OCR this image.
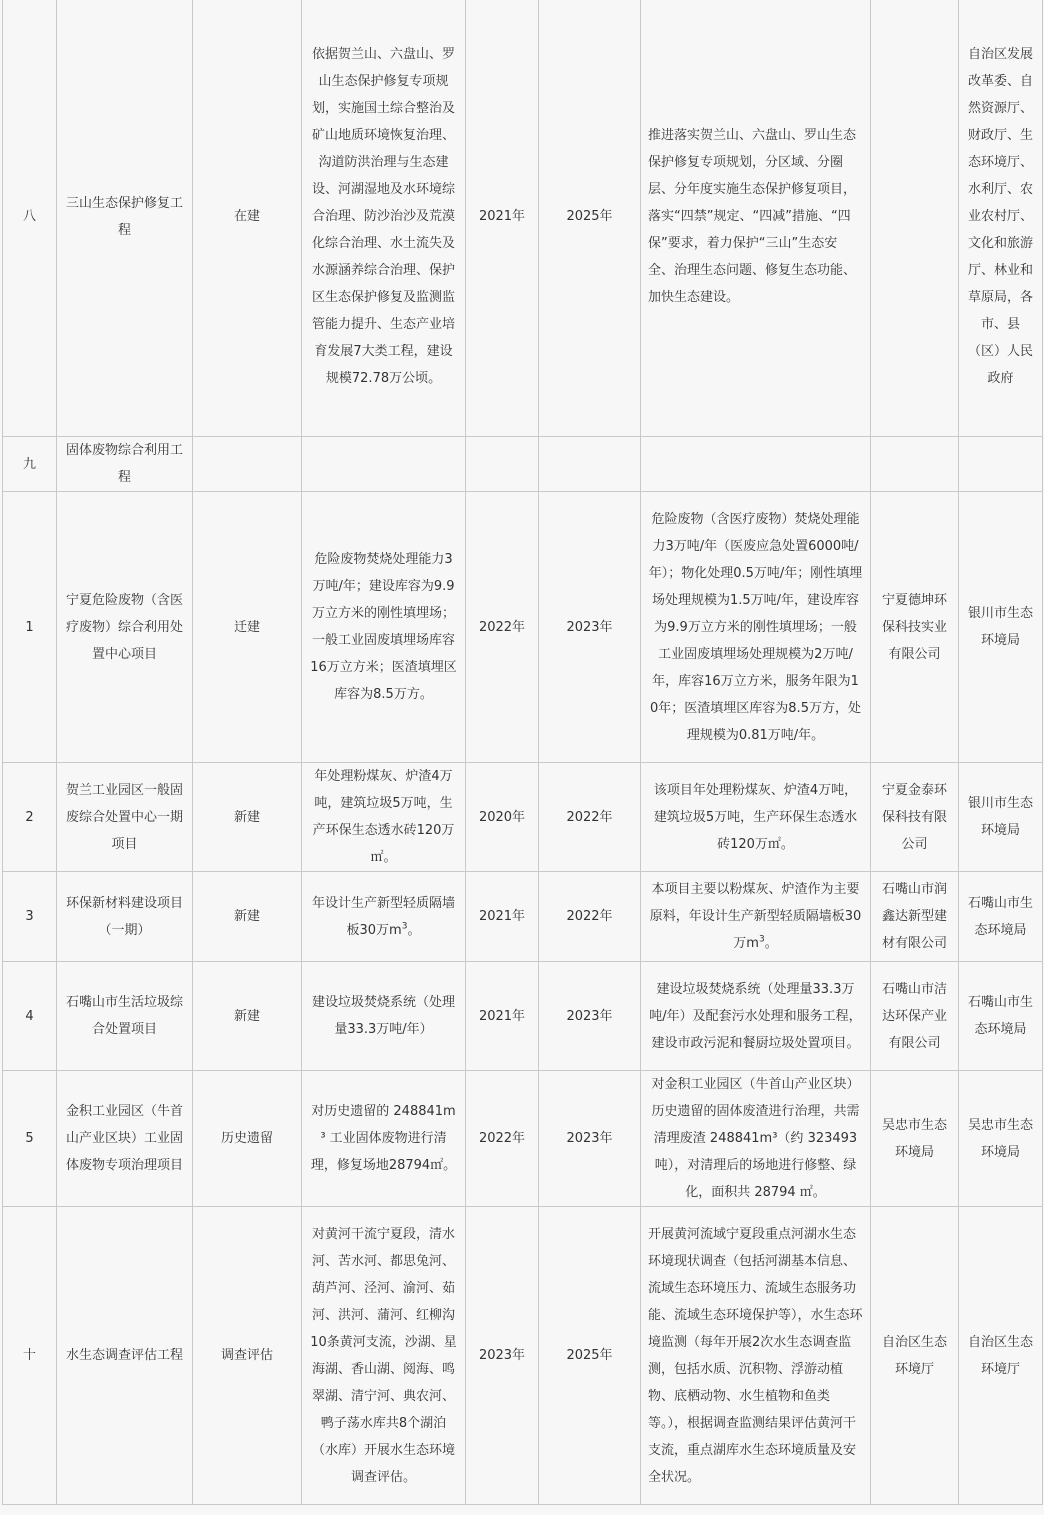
八	三山生态保护修复工程	在建	依据贺兰山、六盘山、罗山生态保护修复专项规划，实施国土综合整治及矿山地质环境恢复治理、沟道防洪治理与生态建设、河湖湿地及水环境综合治理、防沙治沙及荒漠化综合治理、水土流失及水源涵养综合治理、保护区生态保护修复及监测监管能力提升、生态产业培育发展7大类工程，建设规模72.78万公顷。	2021年	2025年	推进落实贺兰山、六盘山、罗山生态保护修复专项规划，分区域、分圈层、分年度实施生态保护修复项目，落实“四禁”规定、“四减”措施、“四保”要求，着力保护“三山”生态安全、治理生态问题、修复生态功能、加快生态建设。		自治区发展改革委、自然资源厅、财政厅、生态环境厅、水利厅、农业农村厅、文化和旅游厅、林业和草原局，各市、县（区）人民政府
九	固体废物综合利用工程							
1	宁夏危险废物（含医疗废物）综合利用处置中心项目	迁建	危险废物焚烧处理能力3万吨/年；建设库容为9.9万立方米的刚性填埋场；一般工业固废填埋场库容16万立方米；医渣填埋区库容为8.5万方。	2022年	2023年	危险废物（含医疗废物）焚烧处理能力3万吨/年（医废应急处置6000吨/年）；物化处理0.5万吨/年；刚性填埋场处理规模为1.5万吨/年，建设库容为9.9万立方米的刚性填埋场；一般工业固废填埋场处理规模为2万吨/年，库容16万立方米，服务年限为10年；医渣填埋区库容为8.5万方，处理规模为0.81万吨/年。	宁夏德坤环保科技实业有限公司	银川市生态环境局
2	贺兰工业园区一般固废综合处置中心一期项目	新建	年处理粉煤灰、炉渣4万吨，建筑垃圾5万吨，生产环保生态透水砖120万㎡。	2020年	2022年	该项目年处理粉煤灰、炉渣4万吨，建筑垃圾5万吨，生产环保生态透水砖120万㎡。	宁夏金泰环保科技有限公司	银川市生态环境局
3	环保新材料建设项目（一期）	新建	年设计生产新型轻质隔墙板30万$m^3$。	2021年	2022年	本项目主要以粉煤灰、炉渣作为主要原料，年设计生产新型轻质隔墙板30万$m^3$。	石嘴山市润鑫达新型建材有限公司	石嘴山市生态环境局
4	石嘴山市生活垃圾综合处置项目	新建	建设垃圾焚烧系统（处理量33.3万吨/年）	2021年	2023年	建设垃圾焚烧系统（处理量33.3万吨/年）及配套污水处理和服务工程，建设市政污泥和餐厨垃圾处置项目。	石嘴山市洁达环保产业有限公司	石嘴山市生态环境局
5	金积工业园区（牛首山产业区块）工业固体废物专项治理项目	历史遗留	对历史遗留的 248841m³ 工业固体废物进行清理，修复场地28794㎡。	2022年	2023年	对金积工业园区（牛首山产业区块）历史遗留的固体废渣进行治理，共需清理废渣 248841m³（约 323493 吨），对清理后的场地进行修整、绿化，面积共 28794 ㎡。	吴忠市生态环境局	吴忠市生态环境局
十	水生态调查评估工程	调查评估	对黄河干流宁夏段，清水河、苦水河、都思兔河、葫芦河、泾河、渝河、茹河、洪河、蒲河、红柳沟10条黄河支流，沙湖、星海湖、香山湖、阅海、鸣翠湖、清宁河、典农河、鸭子荡水库共8个湖泊（水库）开展水生态环境调查评估。	2023年	2025年	开展黄河流域宁夏段重点河湖水生态环境现状调查（包括河湖基本信息、流域生态环境压力、流域生态服务功能、流域生态环境保护等），水生态环境监测（每年开展2次水生态调查监测，包括水质、沉积物、浮游动植物、底栖动物、水生植物和鱼类等。），根据调查监测结果评估黄河干支流，重点湖库水生态环境质量及安全状况。	自治区生态环境厅	自治区生态环境厅
